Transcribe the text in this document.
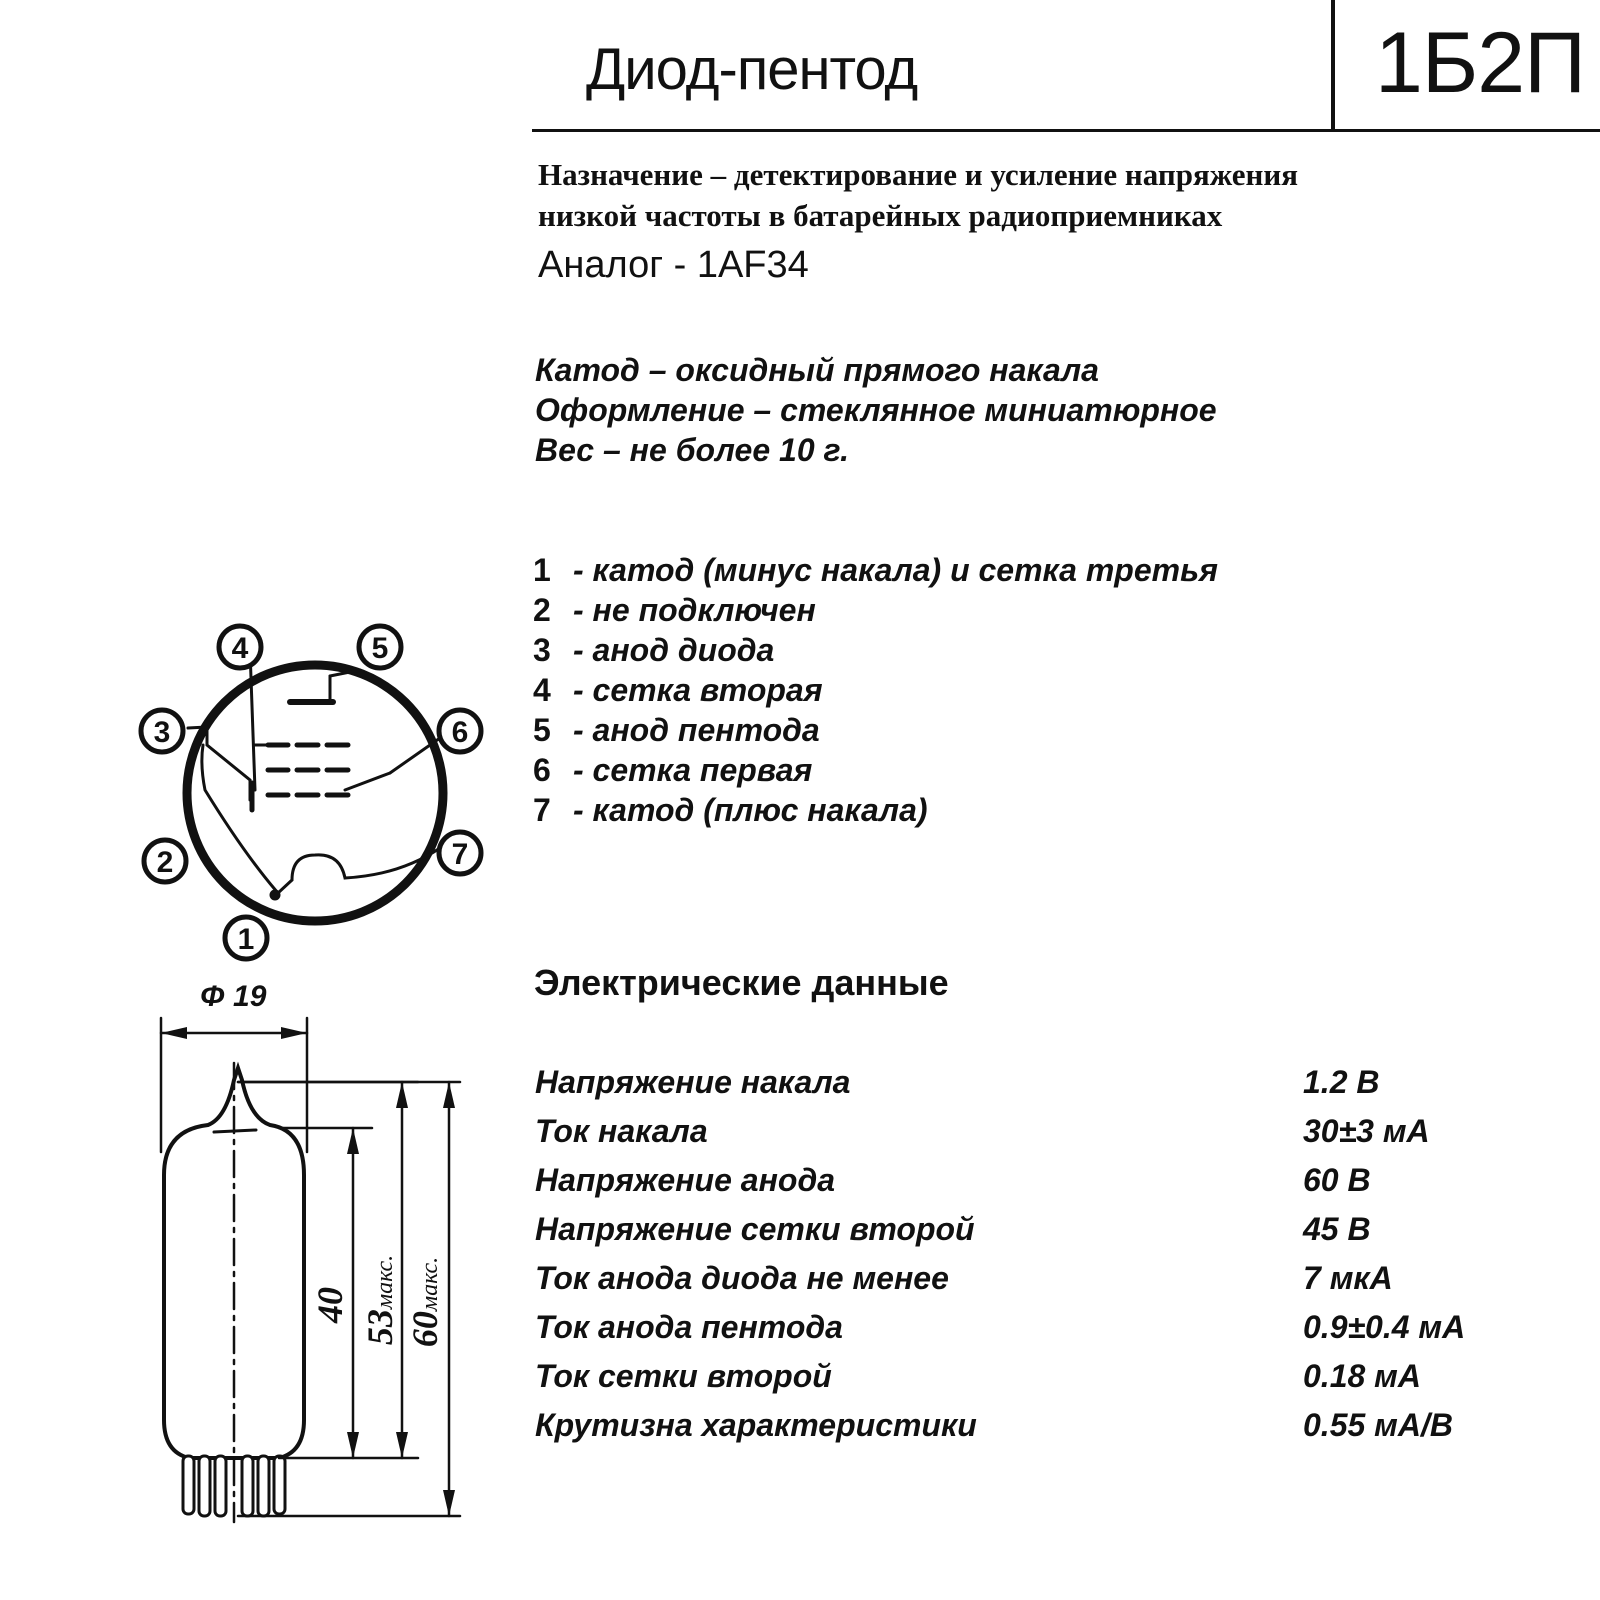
Диод-пентод	1Б2П
Назначение – детектирование и усиление напряжения
низкой частоты в батарейных радиоприемниках
Аналог - 1AF34
Катод – оксидный прямого накала
Оформление – стеклянное миниатюрное
Вес – не более 10 г.
1 - катод (минус накала) и сетка третья
2 - не подключен
3 - анод диода
4 - сетка вторая
5 - анод пентода
6 - сетка первая
7 - катод (плюс накала)
Электрические данные
Напряжение накала	1.2 В
Ток накала	30±3 мА
Напряжение анода	60 В
Напряжение сетки второй	45 В
Ток анода диода не менее	7 мкА
Ток анода пентода	0.9±0.4 мА
Ток сетки второй	0.18 мА
Крутизна характеристики	0.55 мА/В
Φ 19
1
2
3
4	5
6
7
40
53макс.
60макс.
